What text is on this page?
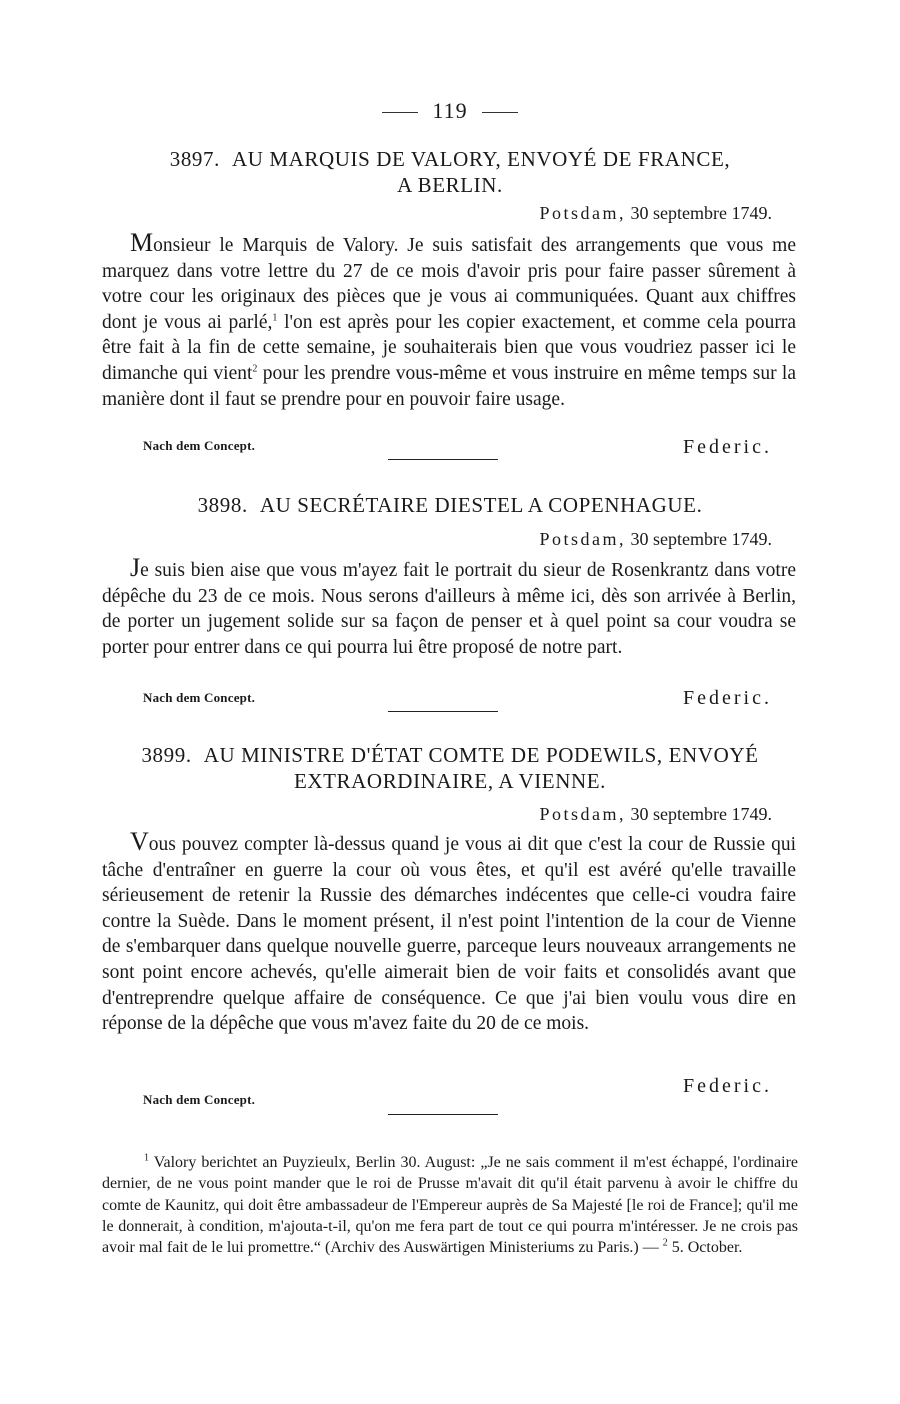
119
3897. AU MARQUIS DE VALORY, ENVOYÉ DE FRANCE,
A BERLIN.
Potsdam, 30 septembre 1749.
Monsieur le Marquis de Valory. Je suis satisfait des arrangements que vous me marquez dans votre lettre du 27 de ce mois d'avoir pris pour faire passer sûrement à votre cour les originaux des pièces que je vous ai communiquées. Quant aux chiffres dont je vous ai parlé,$^1$ l'on est après pour les copier exactement, et comme cela pourra être fait à la fin de cette semaine, je souhaiterais bien que vous voudriez passer ici le dimanche qui vient$^2$ pour les prendre vous-même et vous instruire en même temps sur la manière dont il faut se prendre pour en pouvoir faire usage.
Nach dem Concept.	Federic.
3898. AU SECRÉTAIRE DIESTEL A COPENHAGUE.
Potsdam, 30 septembre 1749.
Je suis bien aise que vous m'ayez fait le portrait du sieur de Rosenkrantz dans votre dépêche du 23 de ce mois. Nous serons d'ailleurs à même ici, dès son arrivée à Berlin, de porter un jugement solide sur sa façon de penser et à quel point sa cour voudra se porter pour entrer dans ce qui pourra lui être proposé de notre part.
Nach dem Concept.	Federic.
3899. AU MINISTRE D'ÉTAT COMTE DE PODEWILS, ENVOYÉ
EXTRAORDINAIRE, A VIENNE.
Potsdam, 30 septembre 1749.
Vous pouvez compter là-dessus quand je vous ai dit que c'est la cour de Russie qui tâche d'entraîner en guerre la cour où vous êtes, et qu'il est avéré qu'elle travaille sérieusement de retenir la Russie des démarches indécentes que celle-ci voudra faire contre la Suède. Dans le moment présent, il n'est point l'intention de la cour de Vienne de s'embarquer dans quelque nouvelle guerre, parceque leurs nouveaux arrangements ne sont point encore achevés, qu'elle aimerait bien de voir faits et consolidés avant que d'entreprendre quelque affaire de conséquence. Ce que j'ai bien voulu vous dire en réponse de la dépêche que vous m'avez faite du 20 de ce mois.
Federic.
Nach dem Concept.
$^1$ Valory berichtet an Puyzieulx, Berlin 30. August: „Je ne sais comment il m'est échappé, l'ordinaire dernier, de ne vous point mander que le roi de Prusse m'avait dit qu'il était parvenu à avoir le chiffre du comte de Kaunitz, qui doit être ambassadeur de l'Empereur auprès de Sa Majesté [le roi de France]; qu'il me le donnerait, à condition, m'ajouta-t-il, qu'on me fera part de tout ce qui pourra m'intéresser. Je ne crois pas avoir mal fait de le lui promettre.“ (Archiv des Auswärtigen Ministeriums zu Paris.) — $^2$ 5. October.
